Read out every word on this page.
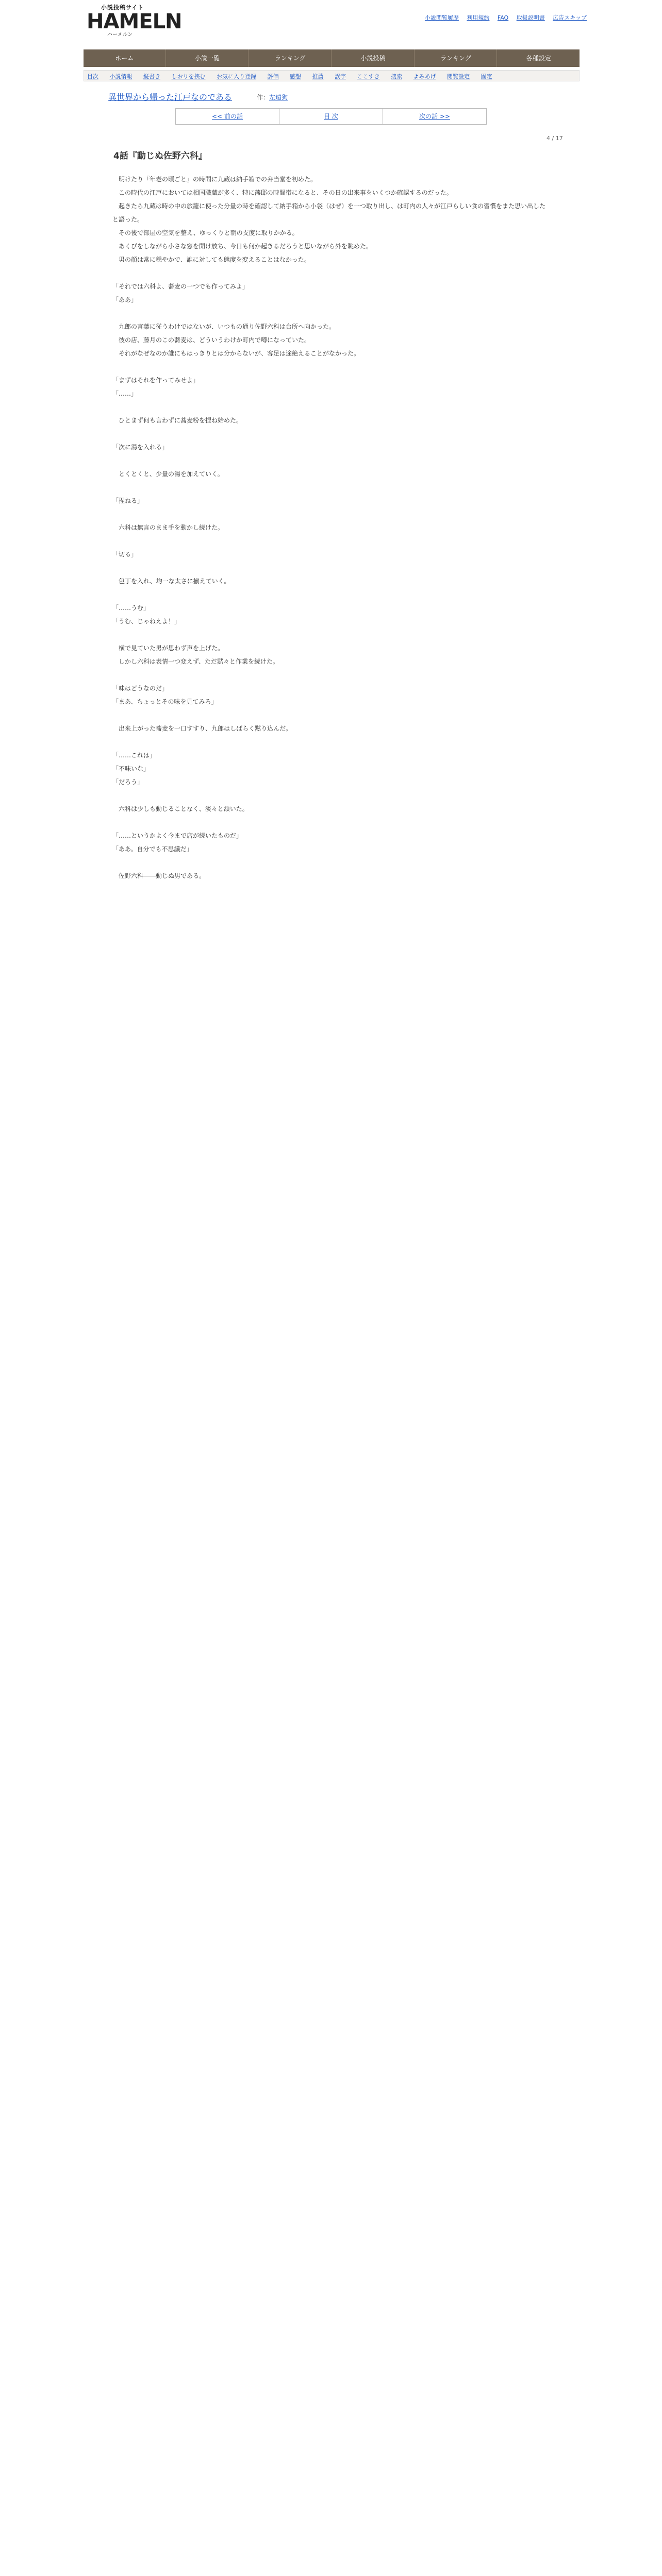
小説投稿サイト
HAMELN
ハーメルン
小説閲覧履歴 利用規約 FAQ 取扱説明書 広告スキップ
ホーム	小説一覧	ランキング	小説投稿	ランキング	各種設定
目次 小説情報 縦書き しおりを挟む お気に入り登録 評価 感想 推薦 誤字 ここすき 捜索 よみあげ 閲覧設定 固定
異世界から帰った江戸なのである	作：左遠狗
<< 前の話	目 次	次の話 >>
4 / 17
4話『動じぬ佐野六科』

　明けたり『年老の頃ごと』の時間に九蔵は納手箱での弁当堂を初めた。

　この時代の江戸においては相国職蔵が多く、特に藩邸の時間帯になると、その日の出来事をいくつか確認するのだった。

　起きたら九蔵は時の中の旅籠に使った分量の時を確認して納手箱から小袋（はぜ）を一つ取り出し、は町内の人々が江戸らしい食の習慣をまた思い出したと語った。

　その後で部屋の空気を整え、ゆっくりと朝の支度に取りかかる。

　あくびをしながら小さな窓を開け放ち、今日も何か起きるだろうと思いながら外を眺めた。

　男の顔は常に穏やかで、誰に対しても態度を変えることはなかった。

「それでは六科よ、蕎麦の一つでも作ってみよ」

「ああ」

　九郎の言葉に従うわけではないが、いつもの通り佐野六科は台所へ向かった。

　彼の店、藤月のこの蕎麦は、どういうわけか町内で噂になっていた。

　それがなぜなのか誰にもはっきりとは分からないが、客足は途絶えることがなかった。

「まずはそれを作ってみせよ」

「……」

　ひとまず何も言わずに蕎麦粉を捏ね始めた。

「次に湯を入れる」

　とくとくと、少量の湯を加えていく。

「捏ねる」

　六科は無言のまま手を動かし続けた。

「切る」

　包丁を入れ、均一な太さに揃えていく。

「……うむ」

「うむ、じゃねえよ！」

　横で見ていた男が思わず声を上げた。

　しかし六科は表情一つ変えず、ただ黙々と作業を続けた。

「味はどうなのだ」

「まあ、ちょっとその味を見てみろ」

　出来上がった蕎麦を一口すすり、九郎はしばらく黙り込んだ。

「……これは」

「不味いな」

「だろう」

　六科は少しも動じることなく、淡々と頷いた。

「……というかよく今まで店が続いたものだ」

「ああ。自分でも不思議だ」

　佐野六科――動じぬ男である。
